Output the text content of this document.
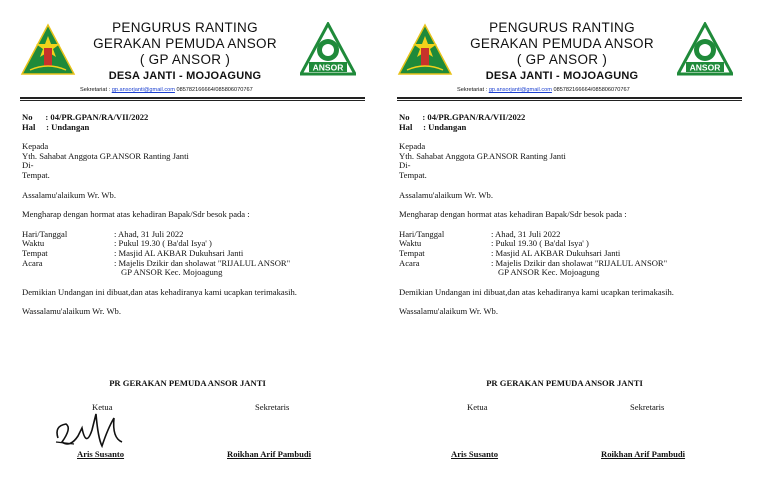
PENGURUS RANTING
GERAKAN PEMUDA ANSOR
( GP ANSOR )
DESA JANTI - MOJOAGUNG
ANSOR
Sekretariat : gp.ansorjanti@gmail.com 085782166664/085806070767
No      : 04/PR.GPAN/RA/VII/2022
Hal     : Undangan
Kepada
Yth. Sahabat Anggota GP.ANSOR Ranting Janti
Di-
Tempat.
Assalamu'alaikum Wr. Wb.
Mengharap dengan hormat atas kehadiran Bapak/Sdr besok pada :
Hari/Tanggal	: Ahad, 31 Juli 2022
Waktu	: Pukul 19.30 ( Ba'dal Isya' )
Tempat	: Masjid AL AKBAR Dukuhsari Janti
Acara	: Majelis Dzikir dan sholawat "RIJALUL ANSOR"
GP ANSOR Kec. Mojoagung
Demikian Undangan ini dibuat,dan atas kehadiranya kami ucapkan terimakasih.
Wassalamu'alaikum Wr. Wb.
PR GERAKAN PEMUDA ANSOR JANTI
Ketua	Sekretaris
Aris Susanto	Roikhan Arif Pambudi
PENGURUS RANTING
GERAKAN PEMUDA ANSOR
( GP ANSOR )
DESA JANTI - MOJOAGUNG
ANSOR
Sekretariat : gp.ansorjanti@gmail.com 085782166664/085806070767
No      : 04/PR.GPAN/RA/VII/2022
Hal     : Undangan
Kepada
Yth. Sahabat Anggota GP.ANSOR Ranting Janti
Di-
Tempat.
Assalamu'alaikum Wr. Wb.
Mengharap dengan hormat atas kehadiran Bapak/Sdr besok pada :
Hari/Tanggal	: Ahad, 31 Juli 2022
Waktu	: Pukul 19.30 ( Ba'dal Isya' )
Tempat	: Masjid AL AKBAR Dukuhsari Janti
Acara	: Majelis Dzikir dan sholawat "RIJALUL ANSOR"
GP ANSOR Kec. Mojoagung
Demikian Undangan ini dibuat,dan atas kehadiranya kami ucapkan terimakasih.
Wassalamu'alaikum Wr. Wb.
PR GERAKAN PEMUDA ANSOR JANTI
Ketua	Sekretaris
Aris Susanto	Roikhan Arif Pambudi
